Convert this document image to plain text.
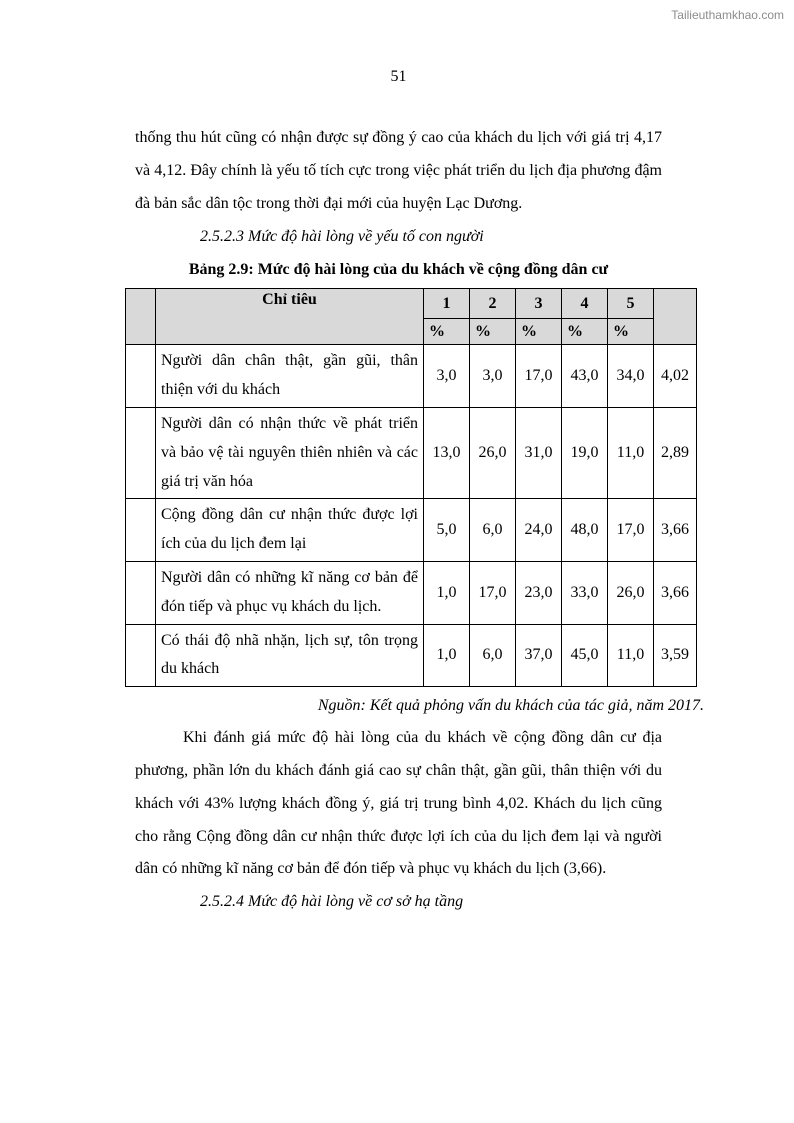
Tailieuthamkhao.com

51

thống thu hút cũng có nhận được sự đồng ý cao của khách du lịch với giá trị 4,17 và 4,12. Đây chính là yếu tố tích cực trong việc phát triển du lịch địa phương đậm đà bản sắc dân tộc trong thời đại mới của huyện Lạc Dương.

2.5.2.3 Mức độ hài lòng về yếu tố con người

Bảng 2.9: Mức độ hài lòng của du khách về cộng đồng dân cư

	Chỉ tiêu	1	2	3	4	5	
		%	%	%	%	%	
	Người dân chân thật, gần gũi, thân thiện với du khách	3,0	3,0	17,0	43,0	34,0	4,02
	Người dân có nhận thức về phát triển và bảo vệ tài nguyên thiên nhiên và các giá trị văn hóa	13,0	26,0	31,0	19,0	11,0	2,89
	Cộng đồng dân cư nhận thức được lợi ích của du lịch đem lại	5,0	6,0	24,0	48,0	17,0	3,66
	Người dân có những kĩ năng cơ bản để đón tiếp và phục vụ khách du lịch.	1,0	17,0	23,0	33,0	26,0	3,66
	Có thái độ nhã nhặn, lịch sự, tôn trọng du khách	1,0	6,0	37,0	45,0	11,0	3,59

Nguồn: Kết quả phỏng vấn du khách của tác giả, năm 2017.

Khi đánh giá mức độ hài lòng của du khách về cộng đồng dân cư địa phương, phần lớn du khách đánh giá cao sự chân thật, gần gũi, thân thiện với du khách với 43% lượng khách đồng ý, giá trị trung bình 4,02. Khách du lịch cũng cho rằng Cộng đồng dân cư nhận thức được lợi ích của du lịch đem lại và người dân có những kĩ năng cơ bản để đón tiếp và phục vụ khách du lịch (3,66).

2.5.2.4 Mức độ hài lòng về cơ sở hạ tầng
